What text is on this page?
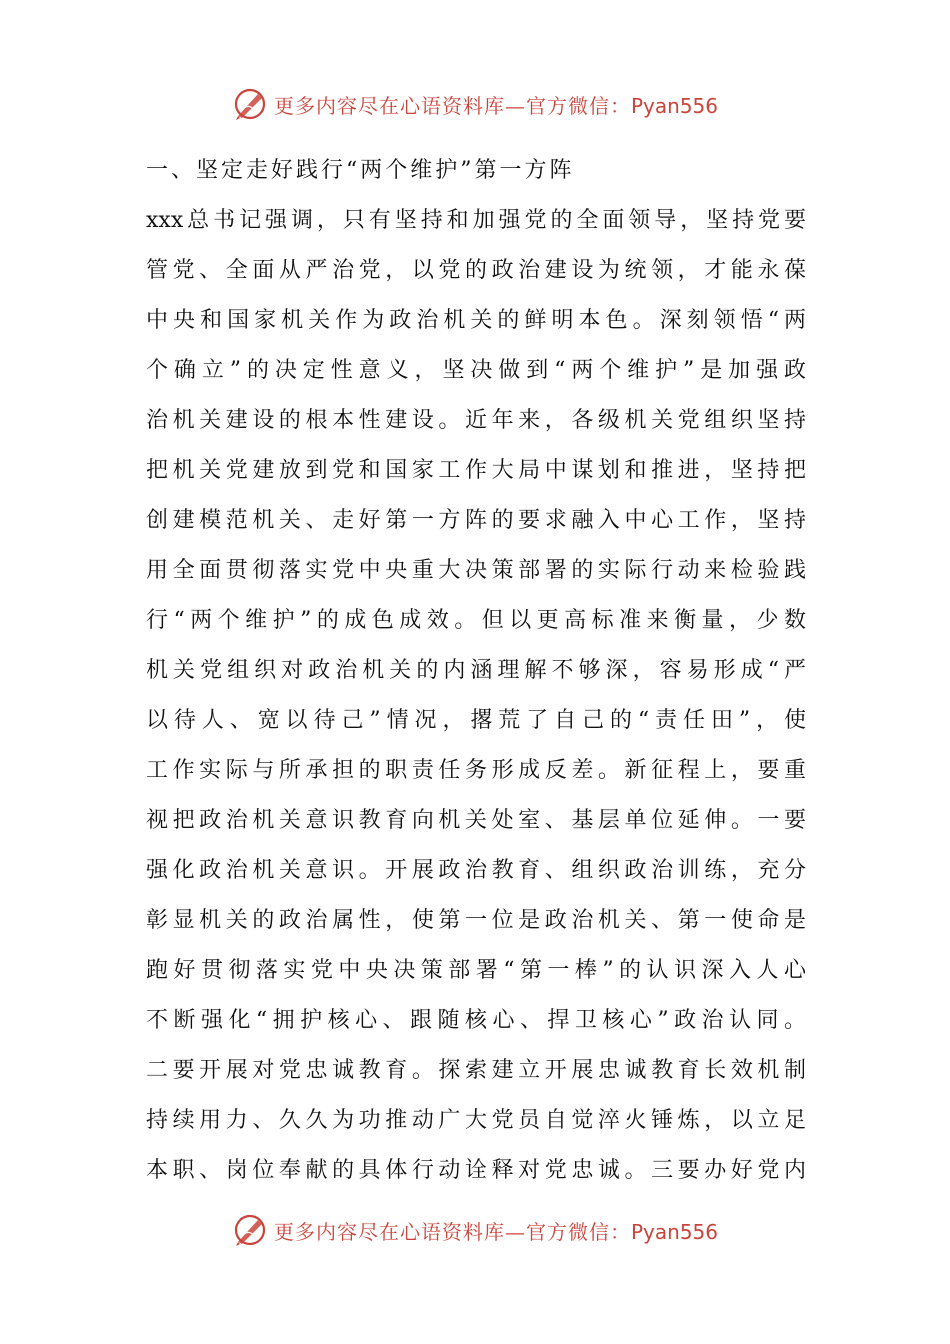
更多内容尽在心语资料库—官方微信：Pyan556
一、坚定走好践行“两个维护”第一方阵
xxx总书记强调，只有坚持和加强党的全面领导，坚持党要
管党、全面从严治党，以党的政治建设为统领，才能永葆
中央和国家机关作为政治机关的鲜明本色。深刻领悟“两
个确立”的决定性意义，坚决做到“两个维护”是加强政
治机关建设的根本性建设。近年来，各级机关党组织坚持
把机关党建放到党和国家工作大局中谋划和推进，坚持把
创建模范机关、走好第一方阵的要求融入中心工作，坚持
用全面贯彻落实党中央重大决策部署的实际行动来检验践
行“两个维护”的成色成效。但以更高标准来衡量，少数
机关党组织对政治机关的内涵理解不够深，容易形成“严
以待人、宽以待己”情况，撂荒了自己的“责任田”，使
工作实际与所承担的职责任务形成反差。新征程上，要重
视把政治机关意识教育向机关处室、基层单位延伸。一要
强化政治机关意识。开展政治教育、组织政治训练，充分
彰显机关的政治属性，使第一位是政治机关、第一使命是
跑好贯彻落实党中央决策部署“第一棒”的认识深入人心
不断强化“拥护核心、跟随核心、捍卫核心”政治认同。
二要开展对党忠诚教育。探索建立开展忠诚教育长效机制
持续用力、久久为功推动广大党员自觉淬火锤炼，以立足
本职、岗位奉献的具体行动诠释对党忠诚。三要办好党内
更多内容尽在心语资料库—官方微信：Pyan556
